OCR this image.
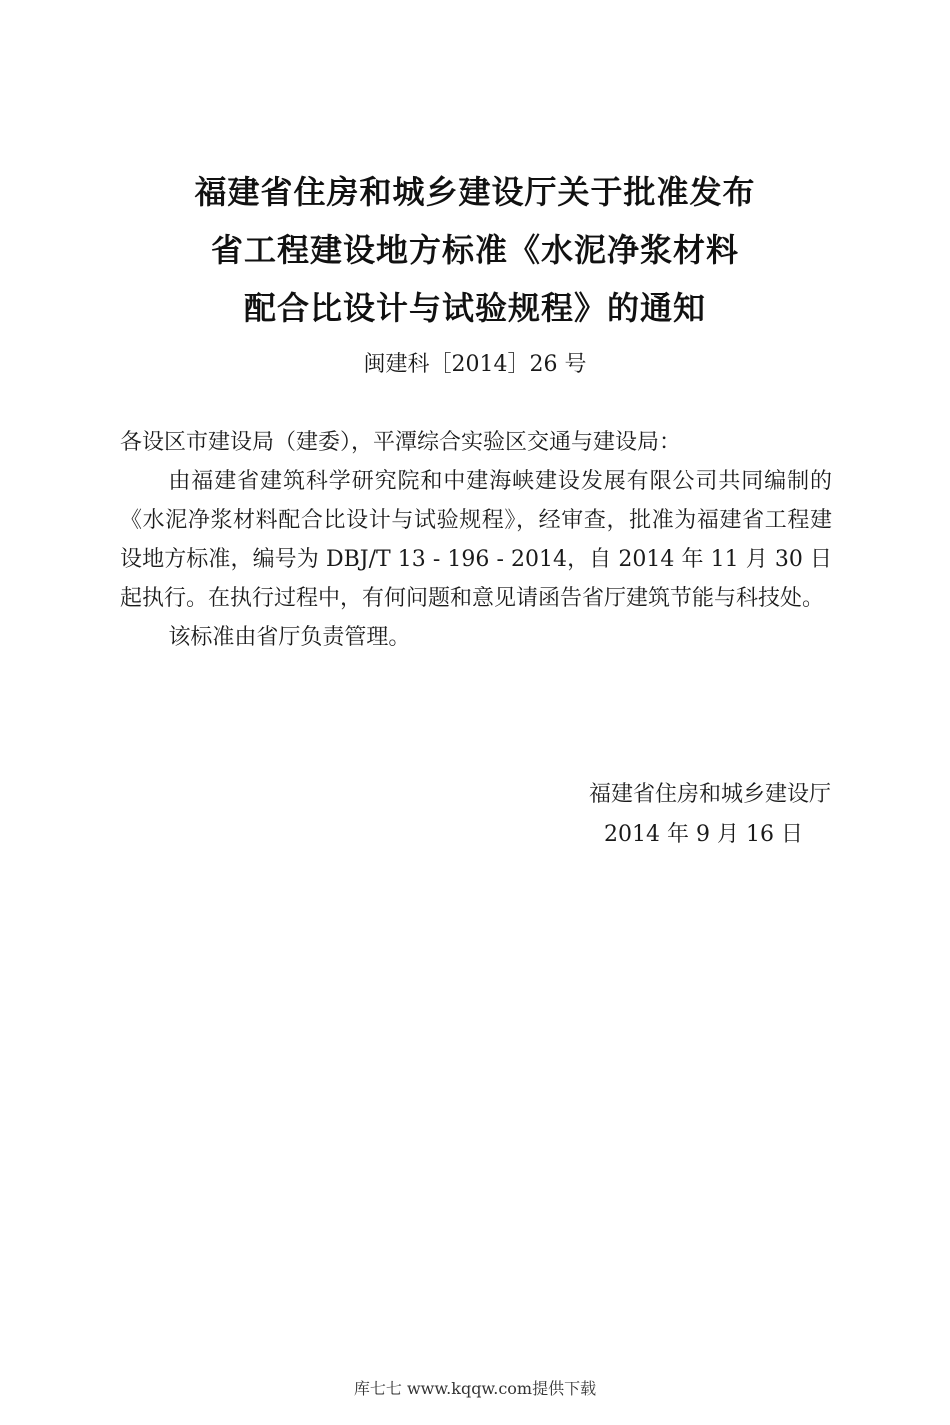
福建省住房和城乡建设厅关于批准发布
省工程建设地方标准《水泥净浆材料
配合比设计与试验规程》的通知
闽建科［2014］26 号

各设区市建设局（建委），平潭综合实验区交通与建设局：

由福建省建筑科学研究院和中建海峡建设发展有限公司共同编制的《水泥净浆材料配合比设计与试验规程》，经审查，批准为福建省工程建设地方标准，编号为 DBJ/T 13 - 196 - 2014，自 2014 年 11 月 30 日起执行。在执行过程中，有何问题和意见请函告省厅建筑节能与科技处。

该标准由省厅负责管理。

福建省住房和城乡建设厅
2014 年 9 月 16 日
库七七 www.kqqw.com提供下载
